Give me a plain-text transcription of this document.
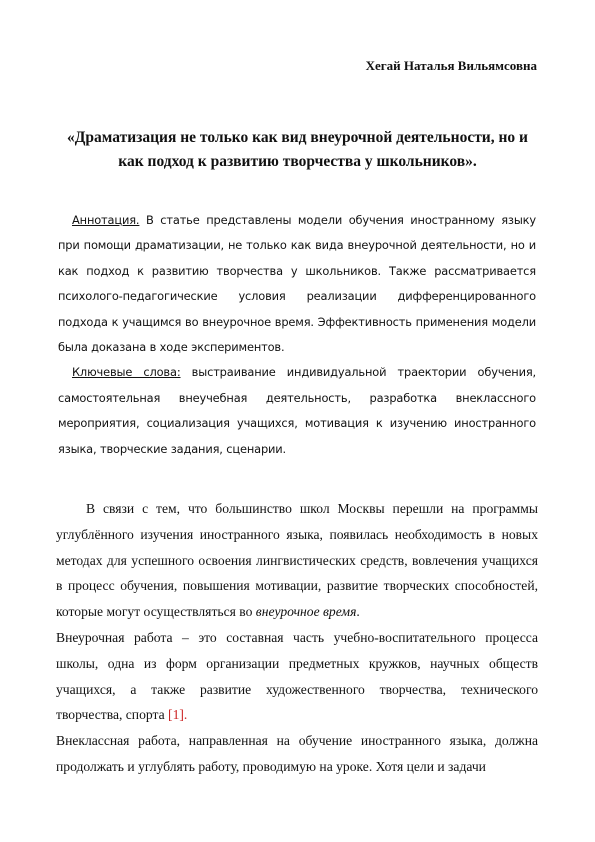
Хегай Наталья Вильямсовна
«Драматизация не только как вид внеурочной деятельности, но и как подход к развитию творчества у школьников».

Аннотация. В статье представлены модели обучения иностранному языку при помощи драматизации, не только как вида внеурочной деятельности, но и как подход к развитию творчества у школьников. Также рассматривается психолого-педагогические условия реализации дифференцированного подхода к учащимся во внеурочное время. Эффективность применения модели была доказана в ходе экспериментов.

Ключевые слова: выстраивание индивидуальной траектории обучения, самостоятельная внеучебная деятельность, разработка внеклассного мероприятия, социализация учащихся, мотивация к изучению иностранного языка, творческие задания, сценарии.

В связи с тем, что большинство школ Москвы перешли на программы углублённого изучения иностранного языка, появилась необходимость в новых методах для успешного освоения лингвистических средств, вовлечения учащихся в процесс обучения, повышения мотивации, развитие творческих способностей, которые могут осуществляться во внеурочное время.

Внеурочная работа – это составная часть учебно-воспитательного процесса школы, одна из форм организации предметных кружков, научных обществ учащихся, а также развитие художественного творчества, технического творчества, спорта [1].

Внеклассная работа, направленная на обучение иностранного языка, должна продолжать и углублять работу, проводимую на уроке. Хотя цели и задачи
